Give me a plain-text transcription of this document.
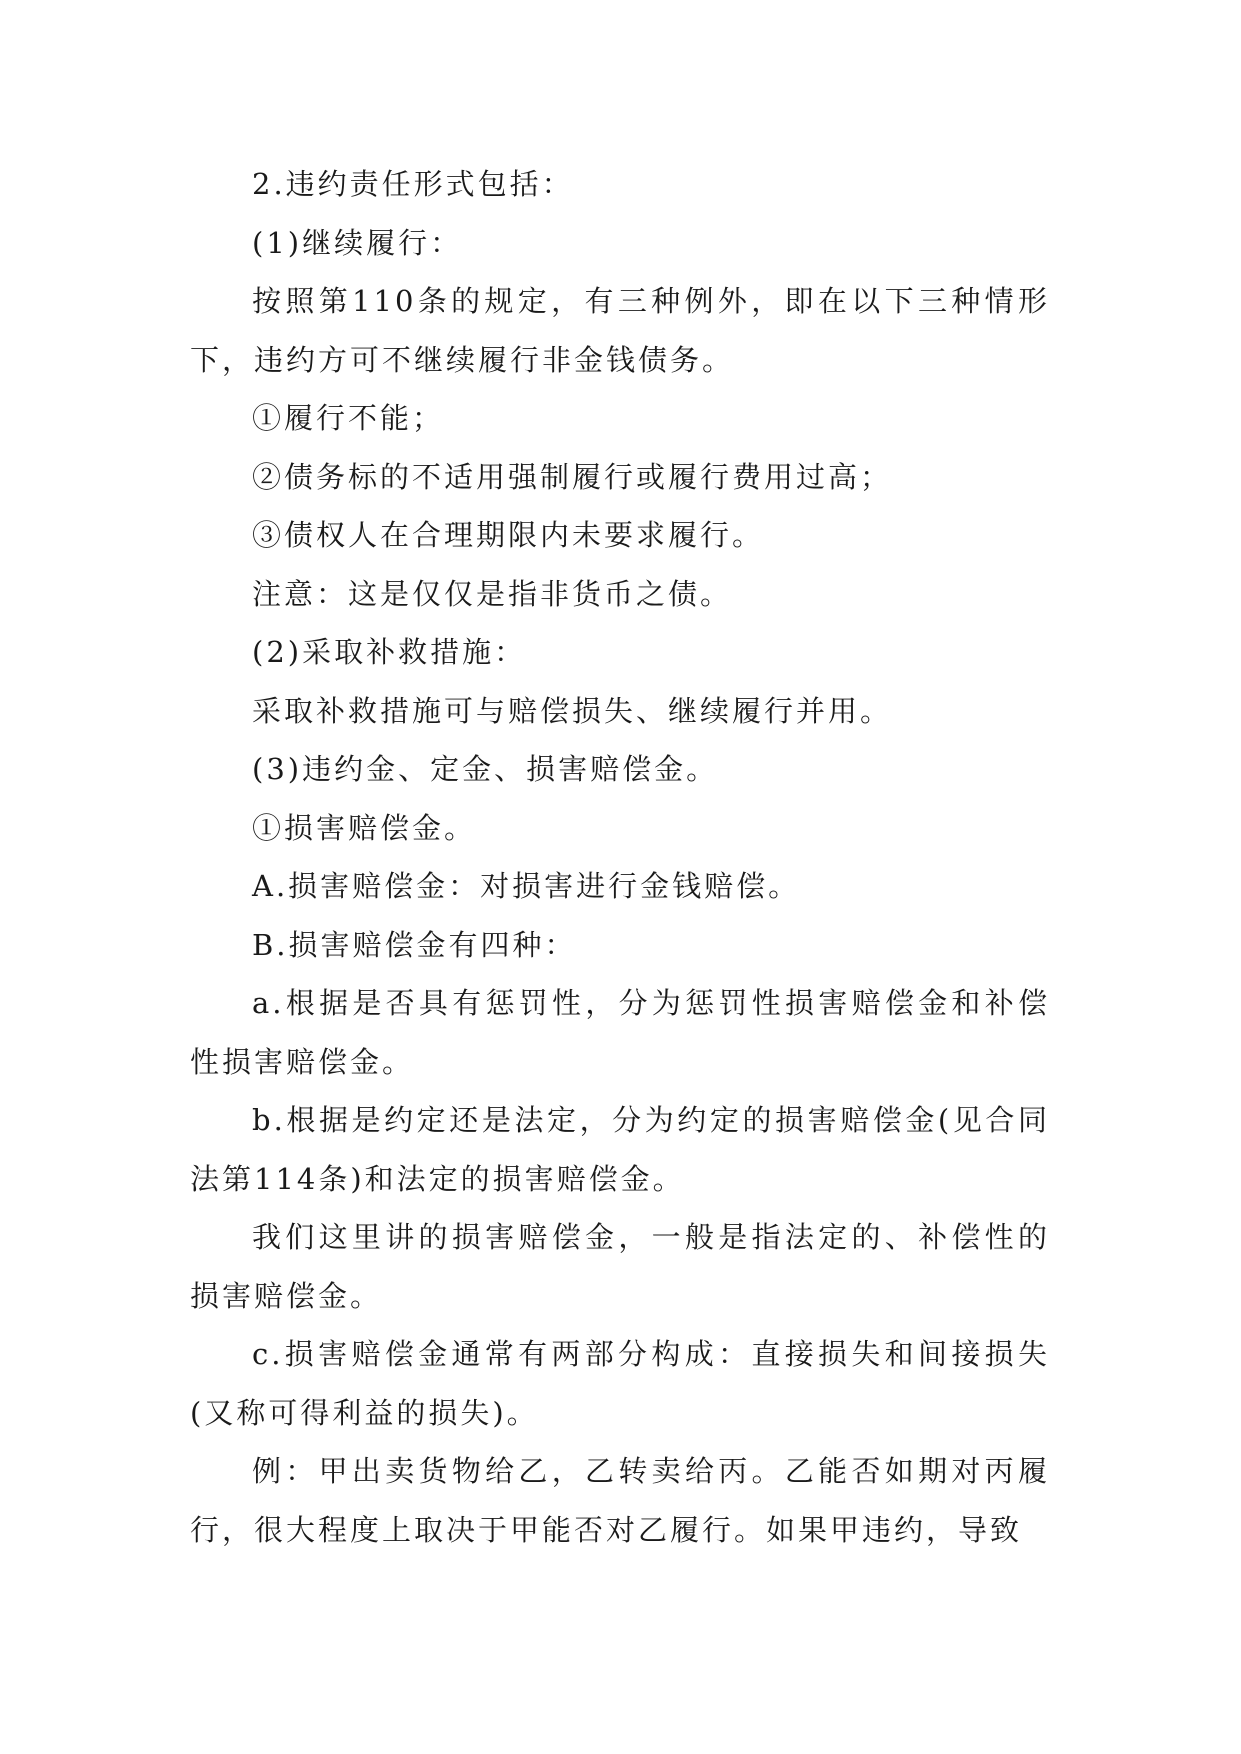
2.违约责任形式包括：

(1)继续履行：

按照第110条的规定，有三种例外，即在以下三种情形下，违约方可不继续履行非金钱债务。

①履行不能；

②债务标的不适用强制履行或履行费用过高；

③债权人在合理期限内未要求履行。

注意：这是仅仅是指非货币之债。

(2)采取补救措施：

采取补救措施可与赔偿损失、继续履行并用。

(3)违约金、定金、损害赔偿金。

①损害赔偿金。

A.损害赔偿金：对损害进行金钱赔偿。

B.损害赔偿金有四种：

a.根据是否具有惩罚性，分为惩罚性损害赔偿金和补偿性损害赔偿金。

b.根据是约定还是法定，分为约定的损害赔偿金(见合同法第114条)和法定的损害赔偿金。

我们这里讲的损害赔偿金，一般是指法定的、补偿性的损害赔偿金。

c.损害赔偿金通常有两部分构成：直接损失和间接损失(又称可得利益的损失)。

例：甲出卖货物给乙，乙转卖给丙。乙能否如期对丙履行，很大程度上取决于甲能否对乙履行。如果甲违约，导致
